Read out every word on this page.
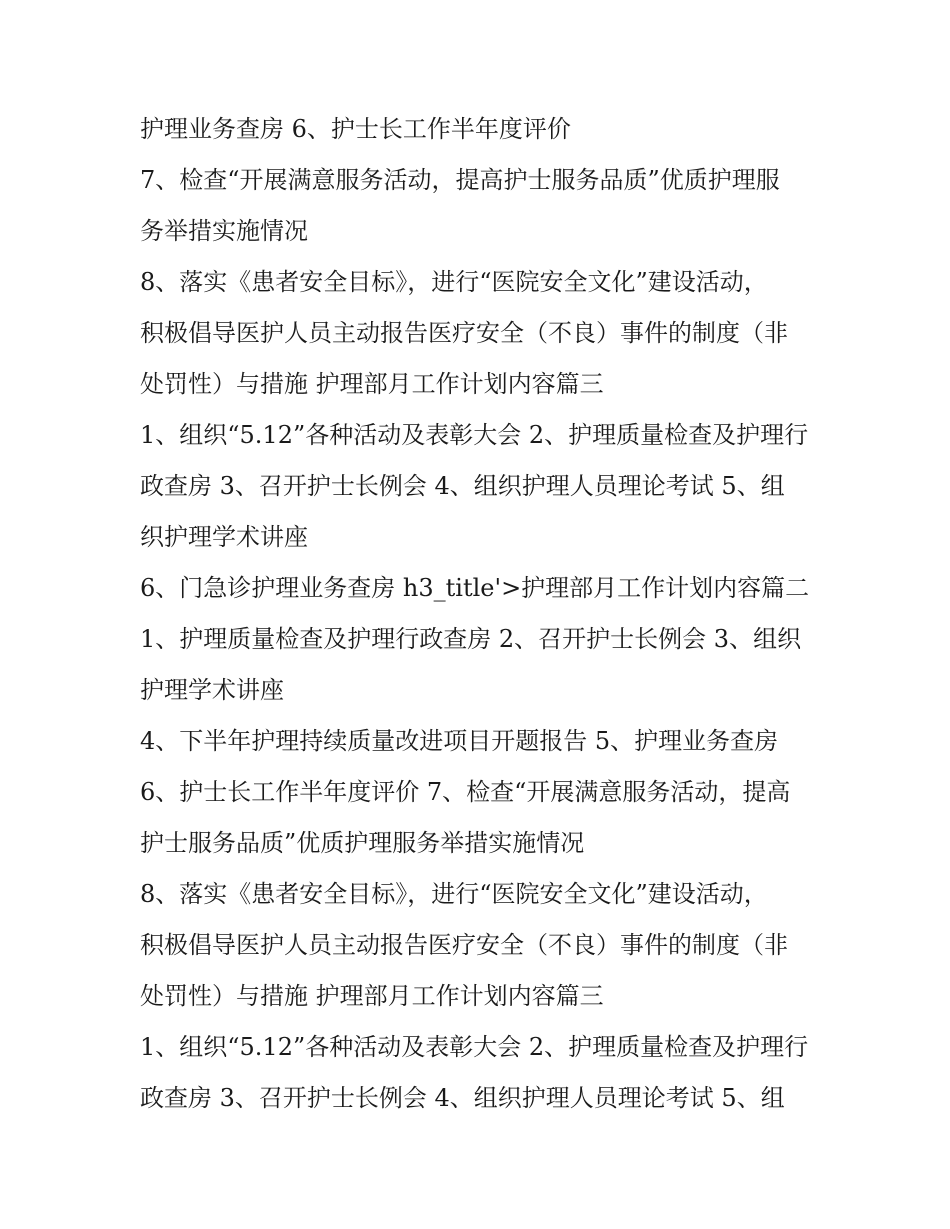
护理业务查房 6、护士长工作半年度评价

7、检查“开展满意服务活动，提高护士服务品质”优质护理服

务举措实施情况

8、落实《患者安全目标》，进行“医院安全文化”建设活动，

积极倡导医护人员主动报告医疗安全（不良）事件的制度（非

处罚性）与措施 护理部月工作计划内容篇三

1、组织“5.12”各种活动及表彰大会 2、护理质量检查及护理行

政查房 3、召开护士长例会 4、组织护理人员理论考试 5、组

织护理学术讲座

6、门急诊护理业务查房 h3_title'>护理部月工作计划内容篇二

1、护理质量检查及护理行政查房 2、召开护士长例会 3、组织

护理学术讲座

4、下半年护理持续质量改进项目开题报告 5、护理业务查房

6、护士长工作半年度评价 7、检查“开展满意服务活动，提高

护士服务品质”优质护理服务举措实施情况

8、落实《患者安全目标》，进行“医院安全文化”建设活动，

积极倡导医护人员主动报告医疗安全（不良）事件的制度（非

处罚性）与措施 护理部月工作计划内容篇三

1、组织“5.12”各种活动及表彰大会 2、护理质量检查及护理行

政查房 3、召开护士长例会 4、组织护理人员理论考试 5、组
